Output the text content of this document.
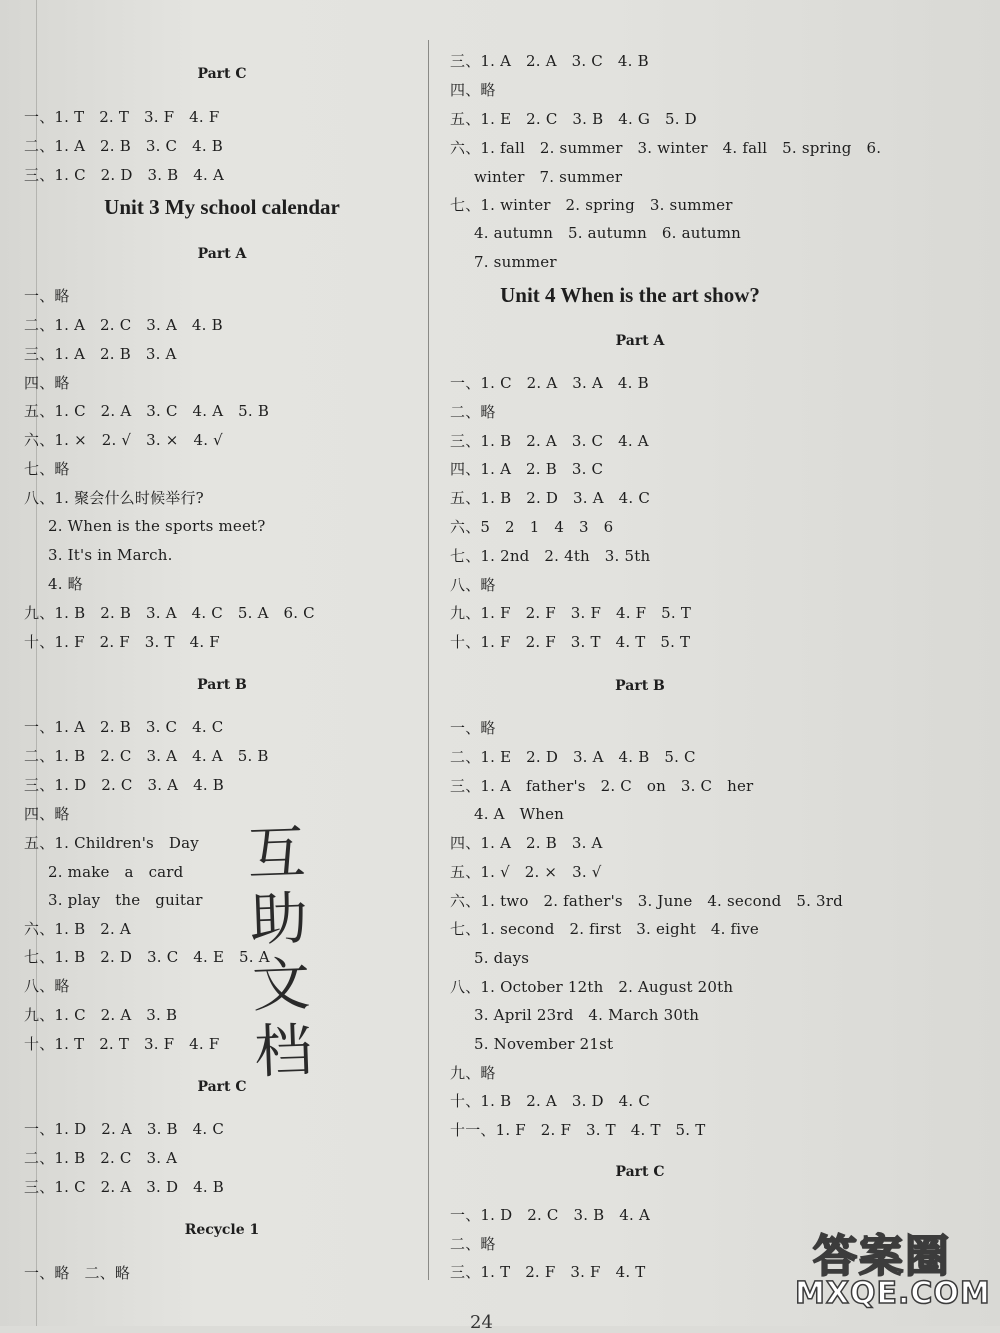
Part C
一、1. T   2. T   3. F   4. F
二、1. A   2. B   3. C   4. B
三、1. C   2. D   3. B   4. A
Unit 3 My school calendar
Part A
一、略
二、1. A   2. C   3. A   4. B
三、1. A   2. B   3. A
四、略
五、1. C   2. A   3. C   4. A   5. B
六、1. ×   2. √   3. ×   4. √
七、略
八、1. 聚会什么时候举行?
2. When is the sports meet?
3. It's in March.
4. 略
九、1. B   2. B   3. A   4. C   5. A   6. C
十、1. F   2. F   3. T   4. F
Part B
一、1. A   2. B   3. C   4. C
二、1. B   2. C   3. A   4. A   5. B
三、1. D   2. C   3. A   4. B
四、略
五、1. Children's   Day
2. make   a   card
3. play   the   guitar
六、1. B   2. A
七、1. B   2. D   3. C   4. E   5. A
八、略
九、1. C   2. A   3. B
十、1. T   2. T   3. F   4. F
Part C
一、1. D   2. A   3. B   4. C
二、1. B   2. C   3. A
三、1. C   2. A   3. D   4. B
Recycle 1
一、略   二、略
三、1. A   2. A   3. C   4. B
四、略
五、1. E   2. C   3. B   4. G   5. D
六、1. fall   2. summer   3. winter   4. fall   5. spring   6.
winter   7. summer
七、1. winter   2. spring   3. summer
4. autumn   5. autumn   6. autumn
7. summer
Unit 4 When is the art show?
Part A
一、1. C   2. A   3. A   4. B
二、略
三、1. B   2. A   3. C   4. A
四、1. A   2. B   3. C
五、1. B   2. D   3. A   4. C
六、5   2   1   4   3   6
七、1. 2nd   2. 4th   3. 5th
八、略
九、1. F   2. F   3. F   4. F   5. T
十、1. F   2. F   3. T   4. T   5. T
Part B
一、略
二、1. E   2. D   3. A   4. B   5. C
三、1. A   father's   2. C   on   3. C   her
4. A   When
四、1. A   2. B   3. A
五、1. √   2. ×   3. √
六、1. two   2. father's   3. June   4. second   5. 3rd
七、1. second   2. first   3. eight   4. five
5. days
八、1. October 12th   2. August 20th
3. April 23rd   4. March 30th
5. November 21st
九、略
十、1. B   2. A   3. D   4. C
十一、1. F   2. F   3. T   4. T   5. T
Part C
一、1. D   2. C   3. B   4. A
二、略
三、1. T   2. F   3. F   4. T
互
助
文
档
24
答案圈
MXQE.COM
